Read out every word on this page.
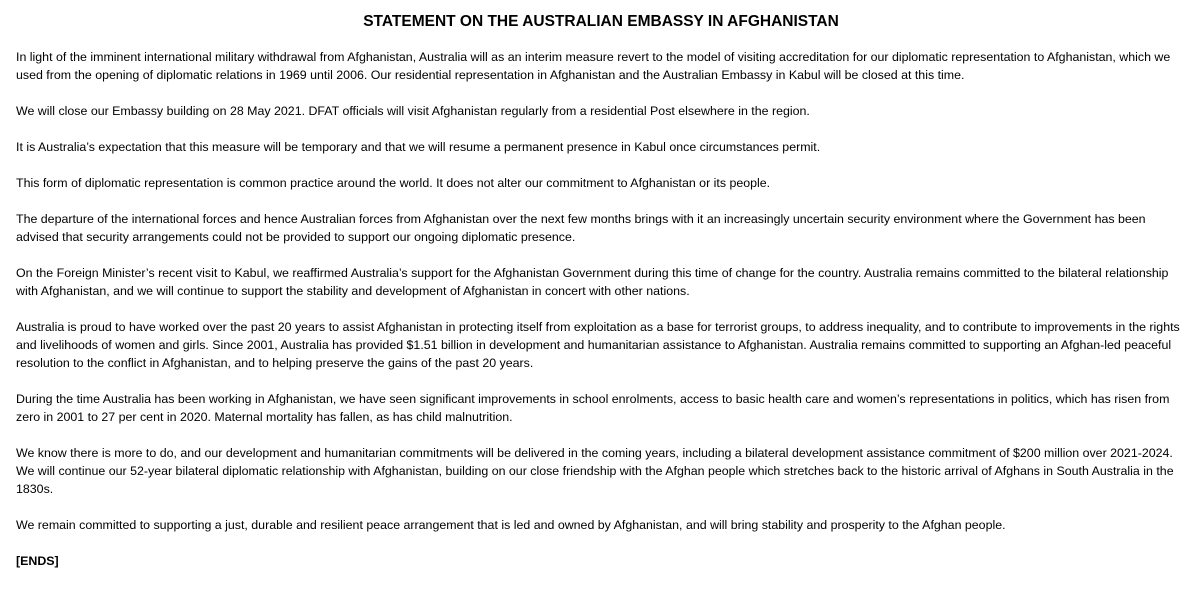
STATEMENT ON THE AUSTRALIAN EMBASSY IN AFGHANISTAN

In light of the imminent international military withdrawal from Afghanistan, Australia will as an interim measure revert to the model of visiting accreditation for our diplomatic representation to Afghanistan, which we used from the opening of diplomatic relations in 1969 until 2006. Our residential representation in Afghanistan and the Australian Embassy in Kabul will be closed at this time.

We will close our Embassy building on 28 May 2021. DFAT officials will visit Afghanistan regularly from a residential Post elsewhere in the region.

It is Australia’s expectation that this measure will be temporary and that we will resume a permanent presence in Kabul once circumstances permit.

This form of diplomatic representation is common practice around the world. It does not alter our commitment to Afghanistan or its people.

The departure of the international forces and hence Australian forces from Afghanistan over the next few months brings with it an increasingly uncertain security environment where the Government has been advised that security arrangements could not be provided to support our ongoing diplomatic presence.

On the Foreign Minister’s recent visit to Kabul, we reaffirmed Australia’s support for the Afghanistan Government during this time of change for the country. Australia remains committed to the bilateral relationship with Afghanistan, and we will continue to support the stability and development of Afghanistan in concert with other nations.

Australia is proud to have worked over the past 20 years to assist Afghanistan in protecting itself from exploitation as a base for terrorist groups, to address inequality, and to contribute to improvements in the rights and livelihoods of women and girls. Since 2001, Australia has provided $1.51 billion in development and humanitarian assistance to Afghanistan. Australia remains committed to supporting an Afghan-led peaceful resolution to the conflict in Afghanistan, and to helping preserve the gains of the past 20 years.

During the time Australia has been working in Afghanistan, we have seen significant improvements in school enrolments, access to basic health care and women’s representations in politics, which has risen from zero in 2001 to 27 per cent in 2020. Maternal mortality has fallen, as has child malnutrition.

We know there is more to do, and our development and humanitarian commitments will be delivered in the coming years, including a bilateral development assistance commitment of $200 million over 2021-2024. We will continue our 52-year bilateral diplomatic relationship with Afghanistan, building on our close friendship with the Afghan people which stretches back to the historic arrival of Afghans in South Australia in the 1830s.

We remain committed to supporting a just, durable and resilient peace arrangement that is led and owned by Afghanistan, and will bring stability and prosperity to the Afghan people.

[ENDS]
